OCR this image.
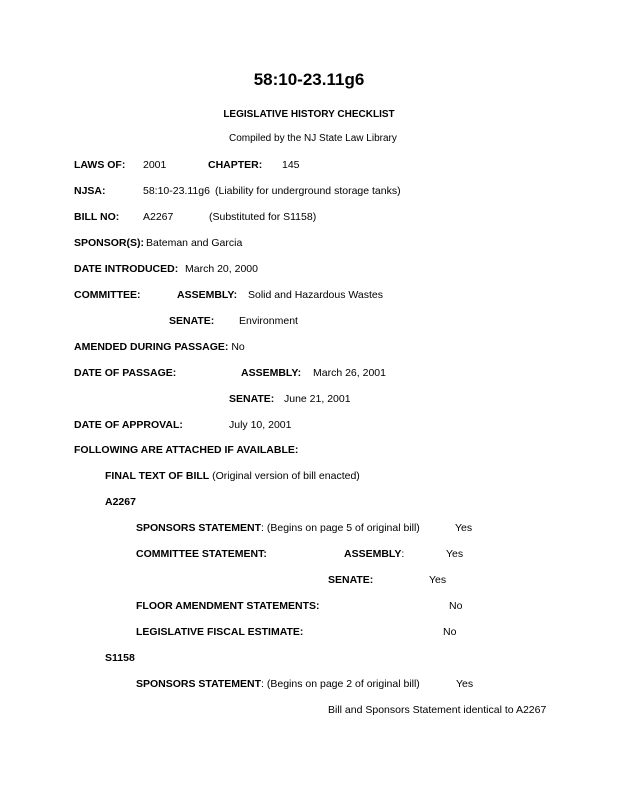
58:10-23.11g6
LEGISLATIVE HISTORY CHECKLIST
Compiled by the NJ State Law Library
LAWS OF: 2001	CHAPTER: 145
NJSA:	58:10-23.11g6 (Liability for underground storage tanks)
BILL NO: A2267	(Substituted for S1158)
SPONSOR(S): Bateman and Garcia
DATE INTRODUCED: March 20, 2000
COMMITTEE:	ASSEMBLY: Solid and Hazardous Wastes
SENATE: Environment
AMENDED DURING PASSAGE: No
DATE OF PASSAGE:	ASSEMBLY: March 26, 2001
SENATE: June 21, 2001
DATE OF APPROVAL:	July 10, 2001
FOLLOWING ARE ATTACHED IF AVAILABLE:
FINAL TEXT OF BILL (Original version of bill enacted)
A2267
SPONSORS STATEMENT: (Begins on page 5 of original bill)	Yes
COMMITTEE STATEMENT:	ASSEMBLY:	Yes
SENATE:	Yes
FLOOR AMENDMENT STATEMENTS:	No
LEGISLATIVE FISCAL ESTIMATE:	No
S1158
SPONSORS STATEMENT: (Begins on page 2 of original bill)	Yes
Bill and Sponsors Statement identical to A2267
